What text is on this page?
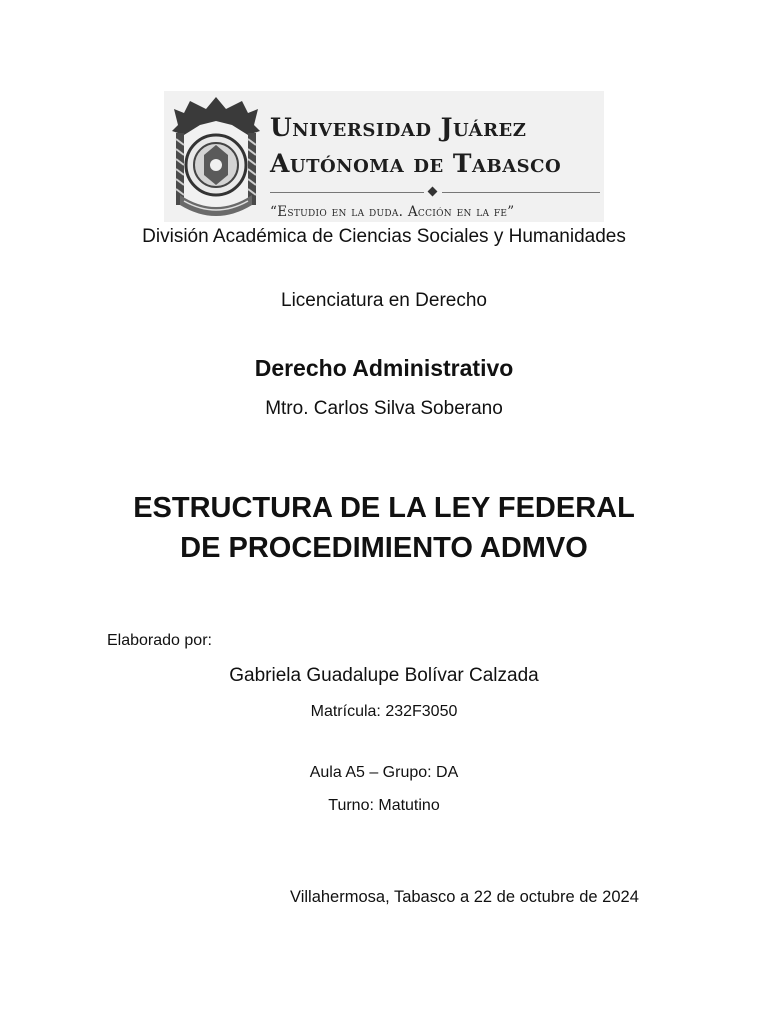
Universidad Juárez
Autónoma de Tabasco
“Estudio en la duda. Acción en la fe”
División Académica de Ciencias Sociales y Humanidades
Licenciatura en Derecho
Derecho Administrativo
Mtro. Carlos Silva Soberano
ESTRUCTURA DE LA LEY FEDERAL
DE PROCEDIMIENTO ADMVO
Elaborado por:
Gabriela Guadalupe Bolívar Calzada
Matrícula: 232F3050
Aula A5 – Grupo: DA
Turno: Matutino
Villahermosa, Tabasco a 22 de octubre de 2024
